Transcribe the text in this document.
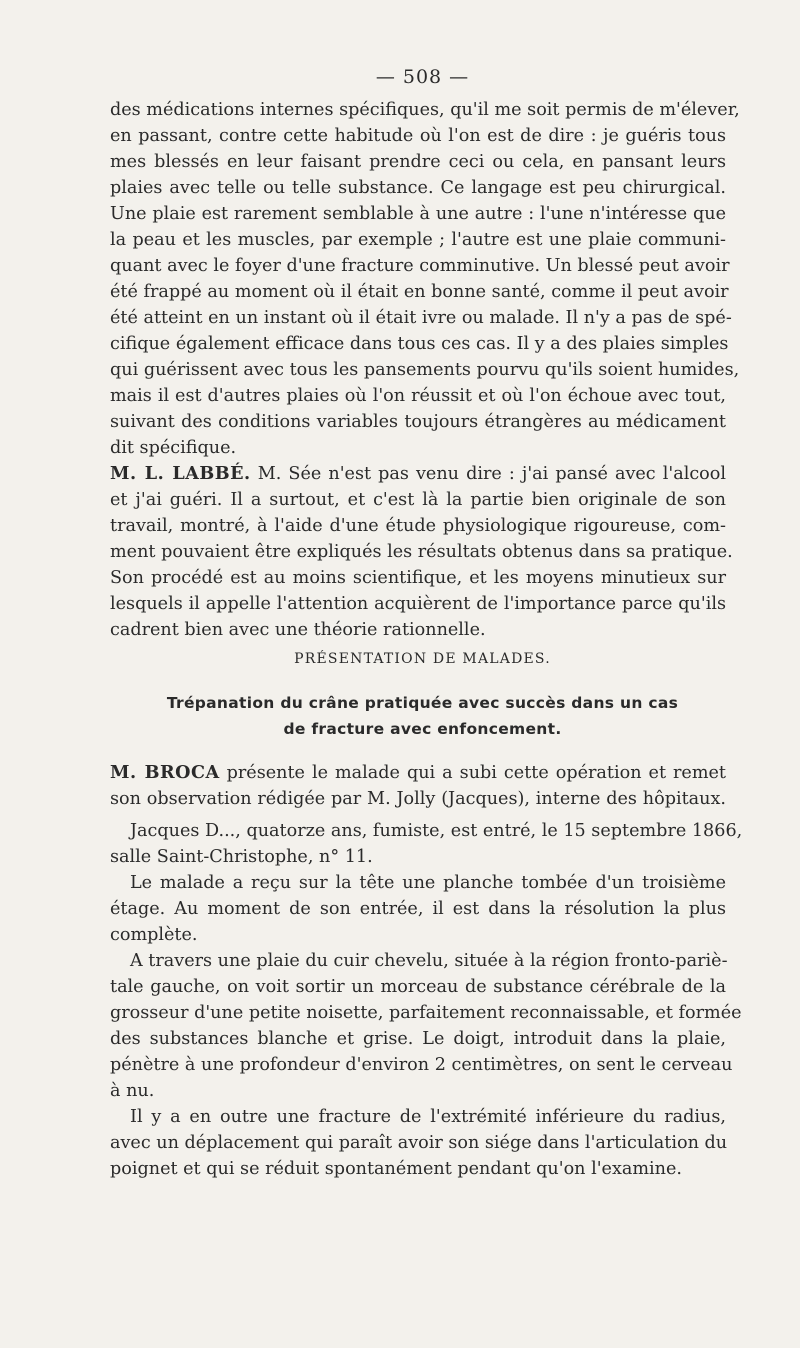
— 508 —
des médications internes spécifiques, qu'il me soit permis de m'élever,
en passant, contre cette habitude où l'on est de dire : je guéris tous
mes blessés en leur faisant prendre ceci ou cela, en pansant leurs
plaies avec telle ou telle substance. Ce langage est peu chirurgical.
Une plaie est rarement semblable à une autre : l'une n'intéresse que
la peau et les muscles, par exemple ; l'autre est une plaie communi-
quant avec le foyer d'une fracture comminutive. Un blessé peut avoir
été frappé au moment où il était en bonne santé, comme il peut avoir
été atteint en un instant où il était ivre ou malade. Il n'y a pas de spé-
cifique également efficace dans tous ces cas. Il y a des plaies simples
qui guérissent avec tous les pansements pourvu qu'ils soient humides,
mais il est d'autres plaies où l'on réussit et où l'on échoue avec tout,
suivant des conditions variables toujours étrangères au médicament
dit spécifique.
M. L. LABBÉ. M. Sée n'est pas venu dire : j'ai pansé avec l'alcool
et j'ai guéri. Il a surtout, et c'est là la partie bien originale de son
travail, montré, à l'aide d'une étude physiologique rigoureuse, com-
ment pouvaient être expliqués les résultats obtenus dans sa pratique.
Son procédé est au moins scientifique, et les moyens minutieux sur
lesquels il appelle l'attention acquièrent de l'importance parce qu'ils
cadrent bien avec une théorie rationnelle.
PRÉSENTATION DE MALADES.
Trépanation du crâne pratiquée avec succès dans un cas
de fracture avec enfoncement.
M. BROCA présente le malade qui a subi cette opération et remet
son observation rédigée par M. Jolly (Jacques), interne des hôpitaux.
Jacques D..., quatorze ans, fumiste, est entré, le 15 septembre 1866,
salle Saint-Christophe, n° 11.
Le malade a reçu sur la tête une planche tombée d'un troisième
étage. Au moment de son entrée, il est dans la résolution la plus
complète.
A travers une plaie du cuir chevelu, située à la région fronto-pariè-
tale gauche, on voit sortir un morceau de substance cérébrale de la
grosseur d'une petite noisette, parfaitement reconnaissable, et formée
des substances blanche et grise. Le doigt, introduit dans la plaie,
pénètre à une profondeur d'environ 2 centimètres, on sent le cerveau
à nu.
Il y a en outre une fracture de l'extrémité inférieure du radius,
avec un déplacement qui paraît avoir son siége dans l'articulation du
poignet et qui se réduit spontanément pendant qu'on l'examine.
